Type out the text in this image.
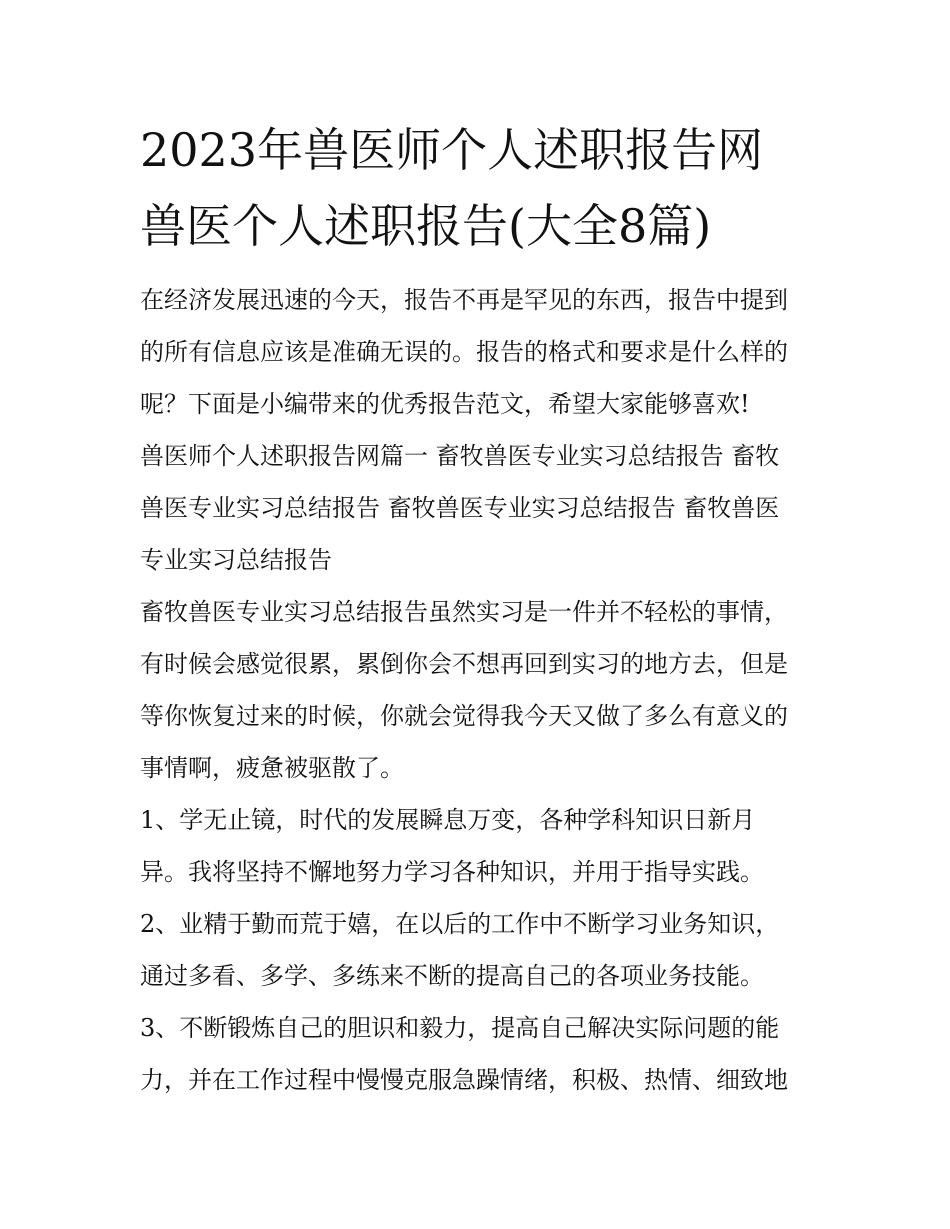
2023年兽医师个人述职报告网
兽医个人述职报告(大全8篇)
在经济发展迅速的今天，报告不再是罕见的东西，报告中提到
的所有信息应该是准确无误的。报告的格式和要求是什么样的
呢？下面是小编带来的优秀报告范文，希望大家能够喜欢!
兽医师个人述职报告网篇一 畜牧兽医专业实习总结报告 畜牧
兽医专业实习总结报告 畜牧兽医专业实习总结报告 畜牧兽医
专业实习总结报告
畜牧兽医专业实习总结报告虽然实习是一件并不轻松的事情，
有时候会感觉很累，累倒你会不想再回到实习的地方去，但是
等你恢复过来的时候，你就会觉得我今天又做了多么有意义的
事情啊，疲惫被驱散了。
1、学无止镜，时代的发展瞬息万变，各种学科知识日新月
异。我将坚持不懈地努力学习各种知识，并用于指导实践。
2、业精于勤而荒于嬉，在以后的工作中不断学习业务知识，
通过多看、多学、多练来不断的提高自己的各项业务技能。
3、不断锻炼自己的胆识和毅力，提高自己解决实际问题的能
力，并在工作过程中慢慢克服急躁情绪，积极、热情、细致地
